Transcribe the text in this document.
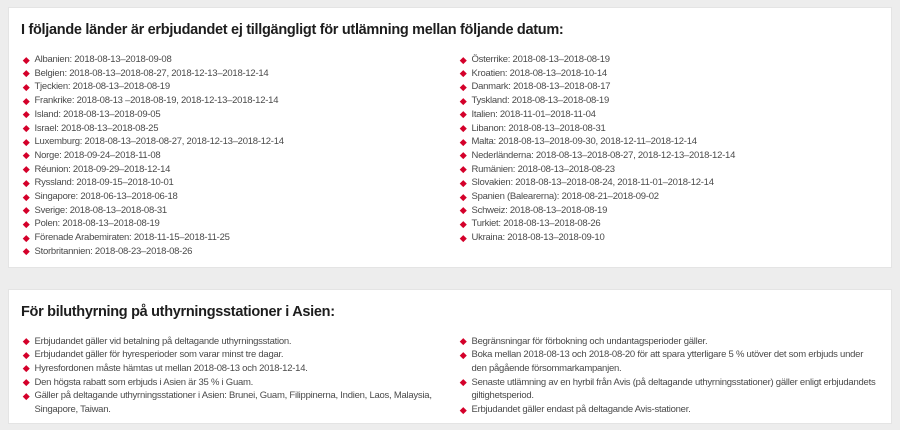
I följande länder är erbjudandet ej tillgängligt för utlämning mellan följande datum:
Albanien: 2018-08-13–2018-09-08
Belgien: 2018-08-13–2018-08-27, 2018-12-13–2018-12-14
Tjeckien: 2018-08-13–2018-08-19
Frankrike: 2018-08-13 –2018-08-19, 2018-12-13–2018-12-14
Island: 2018-08-13–2018-09-05
Israel: 2018-08-13–2018-08-25
Luxemburg: 2018-08-13–2018-08-27, 2018-12-13–2018-12-14
Norge: 2018-09-24–2018-11-08
Réunion: 2018-09-29–2018-12-14
Ryssland: 2018-09-15–2018-10-01
Singapore: 2018-06-13–2018-06-18
Sverige: 2018-08-13–2018-08-31
Polen: 2018-08-13–2018-08-19
Förenade Arabemiraten: 2018-11-15–2018-11-25
Storbritannien: 2018-08-23–2018-08-26
Österrike: 2018-08-13–2018-08-19
Kroatien: 2018-08-13–2018-10-14
Danmark: 2018-08-13–2018-08-17
Tyskland: 2018-08-13–2018-08-19
Italien: 2018-11-01–2018-11-04
Libanon: 2018-08-13–2018-08-31
Malta: 2018-08-13–2018-09-30, 2018-12-11–2018-12-14
Nederländerna: 2018-08-13–2018-08-27, 2018-12-13–2018-12-14
Rumänien: 2018-08-13–2018-08-23
Slovakien: 2018-08-13–2018-08-24, 2018-11-01–2018-12-14
Spanien (Balearerna): 2018-08-21–2018-09-02
Schweiz: 2018-08-13–2018-08-19
Turkiet: 2018-08-13–2018-08-26
Ukraina: 2018-08-13–2018-09-10
För biluthyrning på uthyrningsstationer i Asien:
Erbjudandet gäller vid betalning på deltagande uthyrningsstation.
Erbjudandet gäller för hyresperioder som varar minst tre dagar.
Hyresfordonen måste hämtas ut mellan 2018-08-13 och 2018-12-14.
Den högsta rabatt som erbjuds i Asien är 35 % i Guam.
Gäller på deltagande uthyrningsstationer i Asien: Brunei, Guam, Filippinerna, Indien, Laos, Malaysia, Singapore, Taiwan.
Begränsningar för förbokning och undantagsperioder gäller.
Boka mellan 2018-08-13 och 2018-08-20 för att spara ytterligare 5 % utöver det som erbjuds under den pågående försommarkampanjen.
Senaste utlämning av en hyrbil från Avis (på deltagande uthyrningsstationer) gäller enligt erbjudandets giltighetsperiod.
Erbjudandet gäller endast på deltagande Avis-stationer.
